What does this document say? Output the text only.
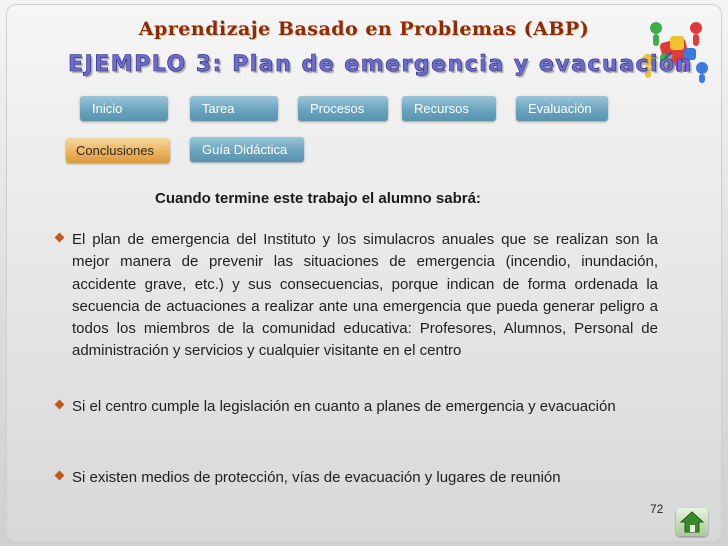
Aprendizaje Basado en Problemas (ABP)
EJEMPLO 3: Plan de emergencia y evacuación
Inicio	Tarea	Procesos	Recursos	Evaluación
Conclusiones	Guía Didáctica
Cuando termine este trabajo el alumno sabrá:

El plan de emergencia del Instituto y los simulacros anuales que se realizan son la mejor manera de prevenir las situaciones de emergencia (incendio, inundación, accidente grave, etc.) y sus consecuencias, porque indican de forma ordenada la secuencia de actuaciones a realizar ante una emergencia que pueda generar peligro a todos los miembros de la comunidad educativa: Profesores, Alumnos, Personal de administración y servicios y cualquier visitante en el centro

Si el centro cumple la legislación en cuanto a planes de emergencia y evacuación

Si existen medios de protección, vías de evacuación y lugares de reunión

72
